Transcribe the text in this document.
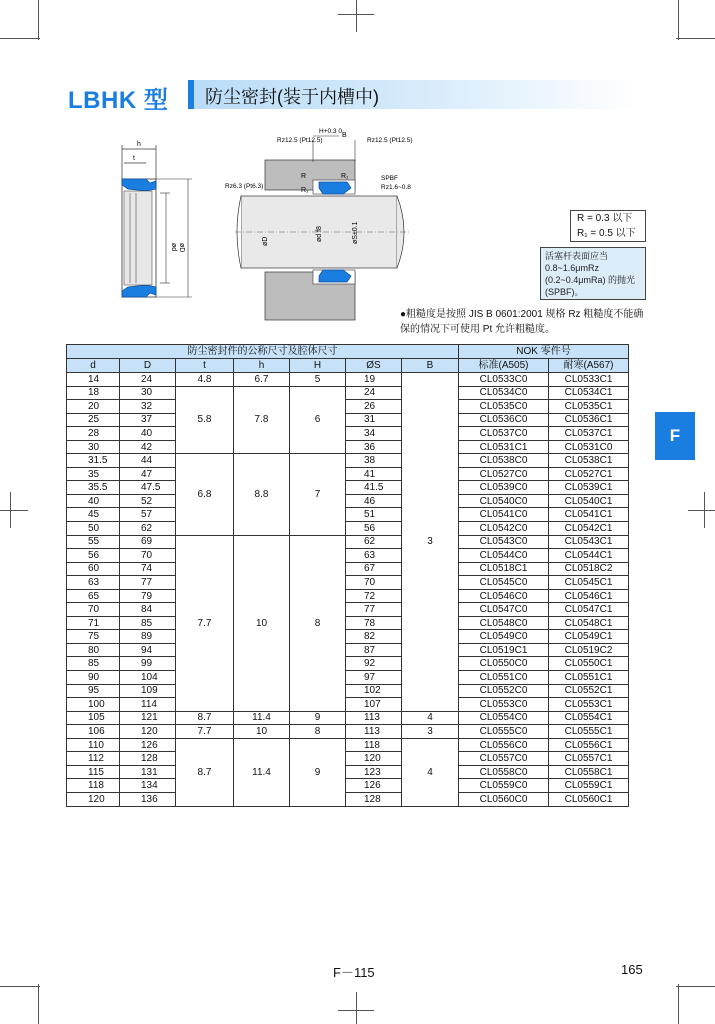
LBHK 型 防尘密封(装于内槽中)
h
t
ød øD
øD	ød f8	øS±0.1
H+0.3 0
B
Rz12.5 (Pt12.5)	Rz12.5 (Pt12.5)
R	R₁
R₁
Rz6.3 (Pt6.3)
SPBF
Rz1.6~0.8
R = 0.3 以下
R₁ = 0.5 以下
活塞杆表面应当0.8~1.6μmRz (0.2~0.4μmRa) 的抛光(SPBF)。
●粗糙度是按照 JIS B 0601:2001 规格 Rz 粗糙度不能确保的情况下可使用 Pt 允许粗糙度。
F
防尘密封件的公称尺寸及腔体尺寸							NOK 零件号	
d	D	t	h	H	ØS	B	标准(A505)	耐寒(A567)
14	24	4.8	6.7	5	19	3	CL0533C0	CL0533C1
18	30	5.8	7.8	6	24		CL0534C0	CL0534C1
20	32				26		CL0535C0	CL0535C1
25	37				31		CL0536C0	CL0536C1
28	40				34		CL0537C0	CL0537C1
30	42				36		CL0531C1	CL0531C0
31.5	44	6.8	8.8	7	38		CL0538C0	CL0538C1
35	47				41		CL0527C0	CL0527C1
35.5	47.5				41.5		CL0539C0	CL0539C1
40	52				46		CL0540C0	CL0540C1
45	57				51		CL0541C0	CL0541C1
50	62				56		CL0542C0	CL0542C1
55	69	7.7	10	8	62		CL0543C0	CL0543C1
56	70				63		CL0544C0	CL0544C1
60	74				67		CL0518C1	CL0518C2
63	77				70		CL0545C0	CL0545C1
65	79				72		CL0546C0	CL0546C1
70	84				77		CL0547C0	CL0547C1
71	85				78		CL0548C0	CL0548C1
75	89				82		CL0549C0	CL0549C1
80	94				87		CL0519C1	CL0519C2
85	99				92		CL0550C0	CL0550C1
90	104				97		CL0551C0	CL0551C1
95	109				102		CL0552C0	CL0552C1
100	114				107		CL0553C0	CL0553C1
105	121	8.7	11.4	9	113	4	CL0554C0	CL0554C1
106	120	7.7	10	8	113	3	CL0555C0	CL0555C1
110	126	8.7	11.4	9	118	4	CL0556C0	CL0556C1
112	128				120		CL0557C0	CL0557C1
115	131				123		CL0558C0	CL0558C1
118	134				126		CL0559C0	CL0559C1
120	136				128		CL0560C0	CL0560C1
F－115	165
